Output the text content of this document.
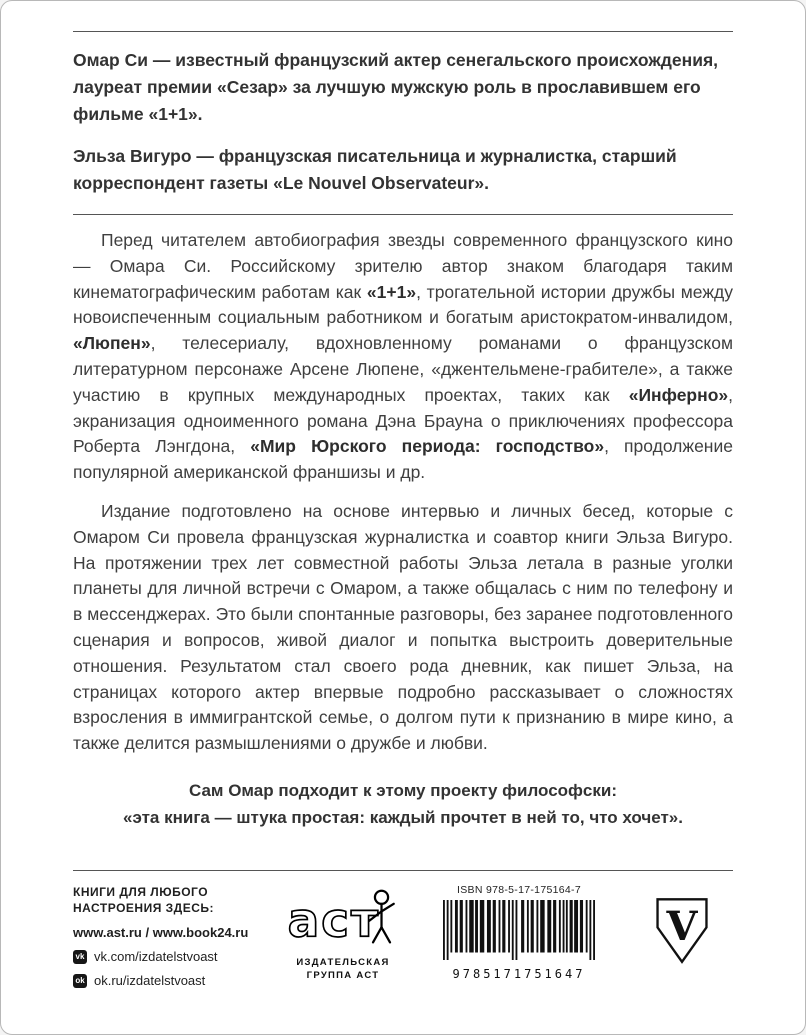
Омар Си — известный французский актер сенегальского происхождения, лауреат премии «Сезар» за лучшую мужскую роль в прославившем его фильме «1+1».

Эльза Вигуро — французская писательница и журналистка, старший корреспондент газеты «Le Nouvel Observateur».

Перед читателем автобиография звезды современного французского кино — Омара Си. Российскому зрителю автор знаком благодаря таким кинематографическим работам как «1+1», трогательной истории дружбы между новоиспеченным социальным работником и богатым аристократом-инвалидом, «Люпен», телесериалу, вдохновленному романами о французском литературном персонаже Арсене Люпене, «джентельмене-грабителе», а также участию в крупных международных проектах, таких как «Инферно», экранизация одноименного романа Дэна Брауна о приключениях профессора Роберта Лэнгдона, «Мир Юрского периода: господство», продолжение популярной американской франшизы и др.

Издание подготовлено на основе интервью и личных бесед, которые с Омаром Си провела французская журналистка и соавтор книги Эльза Вигуро. На протяжении трех лет совместной работы Эльза летала в разные уголки планеты для личной встречи с Омаром, а также общалась с ним по телефону и в мессенджерах. Это были спонтанные разговоры, без заранее подготовленного сценария и вопросов, живой диалог и попытка выстроить доверительные отношения. Результатом стал своего рода дневник, как пишет Эльза, на страницах которого актер впервые подробно рассказывает о сложностях взросления в иммигрантской семье, о долгом пути к признанию в мире кино, а также делится размышлениями о дружбе и любви.

Сам Омар подходит к этому проекту философски:

«эта книга — штука простая: каждый прочтет в ней то, что хочет».

КНИГИ ДЛЯ ЛЮБОГО

НАСТРОЕНИЯ ЗДЕСЬ:

www.ast.ru / www.book24.ru

vk vk.com/izdatelstvoast
ok ok.ru/izdatelstvoast
аст
ИЗДАТЕЛЬСКАЯ
ГРУППА АСТ

ISBN 978-5-17-175164-7

9785171751647
V
